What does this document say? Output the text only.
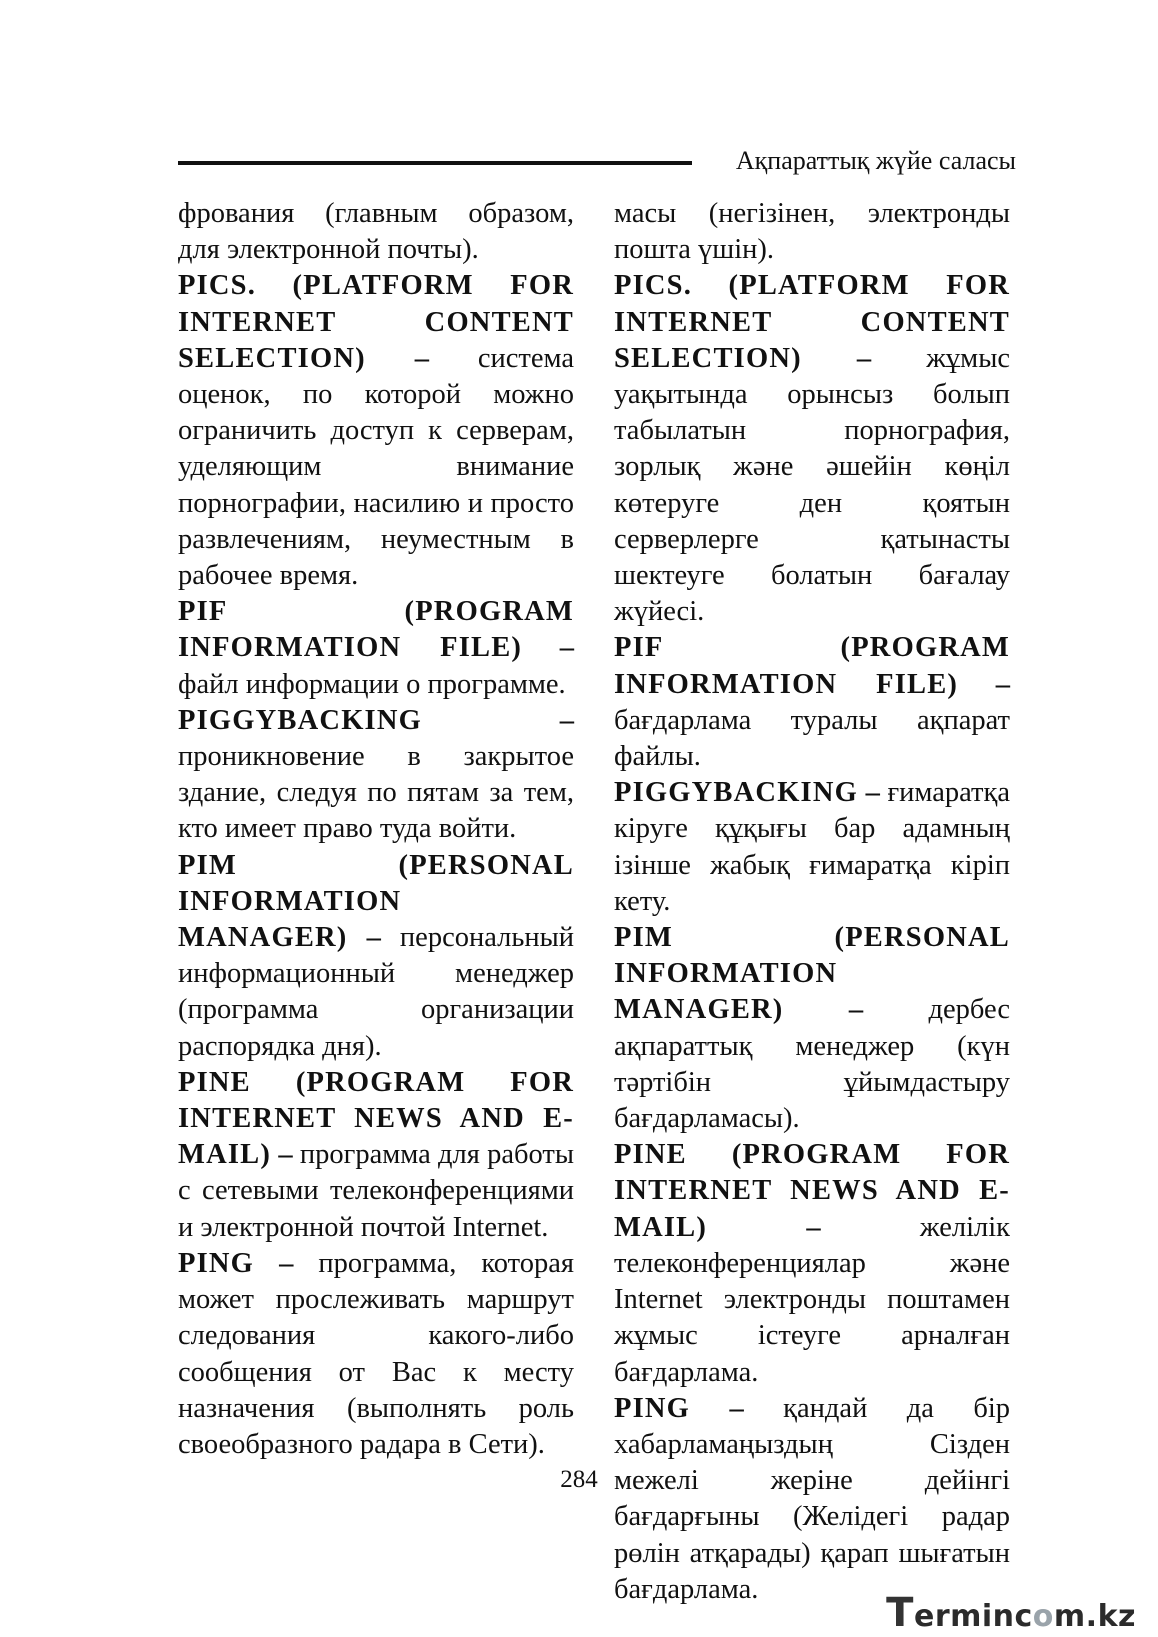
Ақпараттық жүйе саласы

фрования (главным образом, для электронной почты).

PICS. (PLATFORM FOR INTERNET CONTENT SELECTION) – система оценок, по которой можно ограничить доступ к серверам, уделяющим внимание порнографии, насилию и просто развлечениям, неуместным в рабочее время.

PIF (PROGRAM INFORMATION FILE) – файл информации о программе.

PIGGYBACKING – проникновение в закрытое здание, следуя по пятам за тем, кто имеет право туда войти.

PIM (PERSONAL INFORMATION MANAGER) – персональный информационный менеджер (программа организации распорядка дня).

PINE (PROGRAM FOR INTERNET NEWS AND E-MAIL) – программа для работы с сетевыми телеконференциями и электронной почтой Internet.

PING – программа, которая может прослеживать маршрут следования какого-либо сообщения от Вас к месту назначения (выполнять роль своеобразного радара в Сети).

масы (негізінен, электронды пошта үшін).

PICS. (PLATFORM FOR INTERNET CONTENT SELECTION) – жұмыс уақытында орынсыз болып табылатын порнография, зорлық және әшейін көңіл көтеруге ден қоятын серверлерге қатынасты шектеуге болатын бағалау жүйесі.

PIF (PROGRAM INFORMATION FILE) – бағдарлама туралы ақпарат файлы.

PIGGYBACKING – ғимаратқа кіруге құқығы бар адамның ізінше жабық ғимаратқа кіріп кету.

PIM (PERSONAL INFORMATION MANAGER) – дербес ақпараттық менеджер (күн тәртібін ұйымдастыру бағдарламасы).

PINE (PROGRAM FOR INTERNET NEWS AND E-MAIL) – желілік телеконференциялар және Internet электронды поштамен жұмыс істеуге арналған бағдарлама.

PING – қандай да бір хабарламаңыздың Сізден межелі жеріне дейінгі бағдарғыны (Желідегі радар рөлін атқарады) қарап шығатын бағдарлама.

284
Termincom.kz
